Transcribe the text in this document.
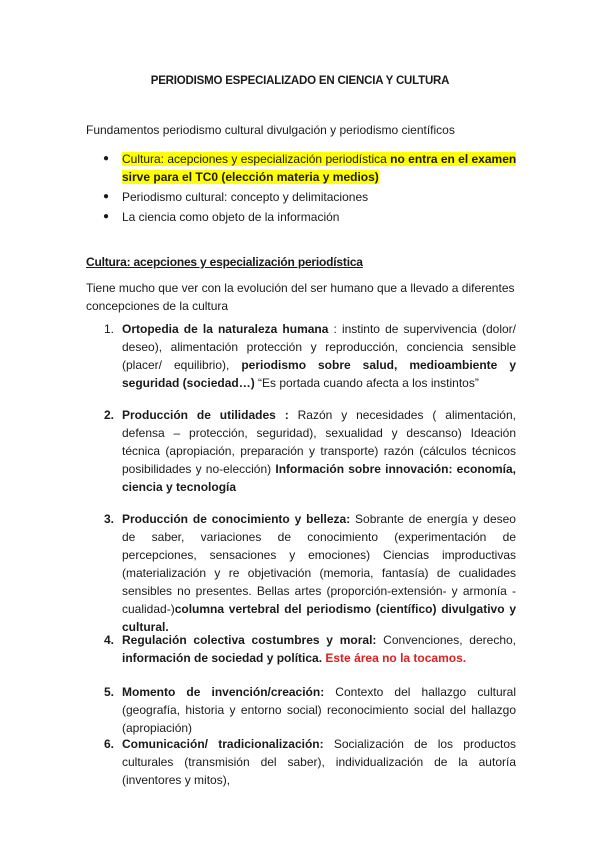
PERIODISMO ESPECIALIZADO EN CIENCIA Y CULTURA
Fundamentos periodismo cultural divulgación y periodismo científicos
● Cultura: acepciones y especialización periodística no entra en el examen sirve para el TC0 (elección materia y medios)
● Periodismo cultural: concepto y delimitaciones
● La ciencia como objeto de la información
Cultura: acepciones y especialización periodística
Tiene mucho que ver con la evolución del ser humano que a llevado a diferentes concepciones de la cultura
1. Ortopedia de la naturaleza humana : instinto de supervivencia (dolor/ deseo), alimentación protección y reproducción, conciencia sensible (placer/ equilibrio), periodismo sobre salud, medioambiente y seguridad (sociedad…) “Es portada cuando afecta a los instintos”
2. Producción de utilidades : Razón y necesidades ( alimentación, defensa – protección, seguridad), sexualidad y descanso) Ideación técnica (apropiación, preparación y transporte) razón (cálculos técnicos posibilidades y no-elección) Información sobre innovación: economía, ciencia y tecnología
3. Producción de conocimiento y belleza: Sobrante de energía y deseo de saber, variaciones de conocimiento (experimentación de percepciones, sensaciones y emociones) Ciencias improductivas (materialización y re objetivación (memoria, fantasía) de cualidades sensibles no presentes. Bellas artes (proporción-extensión- y armonía -cualidad-)columna vertebral del periodismo (científico) divulgativo y cultural.
4. Regulación colectiva costumbres y moral: Convenciones, derecho, información de sociedad y política. Este área no la tocamos.
5. Momento de invención/creación: Contexto del hallazgo cultural (geografía, historia y entorno social) reconocimiento social del hallazgo (apropiación)
6. Comunicación/ tradicionalización: Socialización de los productos culturales (transmisión del saber), individualización de la autoría (inventores y mitos),
